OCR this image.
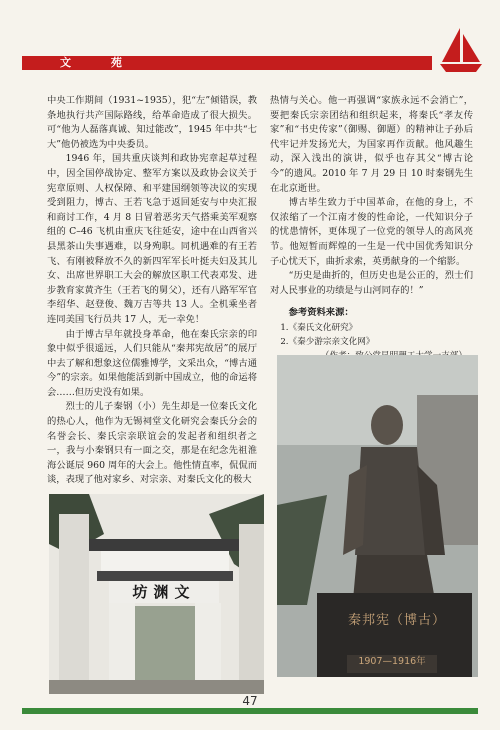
文 苑

中央工作期间（1931~1935），犯“左”倾错误，教条地执行共产国际路线，给革命造成了很大损失。可“他为人磊落真诚、知过能改”，1945 年中共“七大”他仍被选为中央委员。

1946 年，国共重庆谈判和政协宪章起草过程中，因全国停战协定、整军方案以及政协会议关于宪章原则、人权保障、和平建国纲领等决议的实现受到阻力，博古、王若飞急于返回延安与中央汇报和商讨工作，4 月 8 日冒着恶劣天气搭乘美军观察组的 C–46 飞机由重庆飞往延安，途中在山西省兴县黑茶山失事遇难，以身殉职。同机遇难的有王若飞、有刚被释放不久的新四军军长叶挺夫妇及其儿女、出席世界职工大会的解放区职工代表邓发、进步教育家黄齐生（王若飞的舅父），还有八路军军官李绍华、赵登俊、魏万吉等共 13 人。全机乘坐者连同美国飞行员共 17 人，无一幸免！

由于博古早年就投身革命，他在秦氏宗亲的印象中似乎很遥远，人们只能从“秦邦宪故居”的展厅中去了解和想象这位儒雅博学，文采出众，“博古通今”的宗亲。如果他能活到新中国成立，他的命运将会……但历史没有如果。

烈士的儿子秦钢（小）先生却是一位秦氏文化的热心人，他作为无锡祠堂文化研究会秦氏分会的名誉会长、秦氏宗亲联谊会的发起者和组织者之一，我与小秦钢只有一面之交，那是在纪念先祖淮海公诞辰 960 周年的大会上。他性情直率，侃侃而谈，表现了他对家乡、对宗亲、对秦氏文化的极大

热情与关心。他一再强调“家族永远不会消亡”，要把秦氏宗亲团结和组织起来，将秦氏“孝友传家”和“书史传家”（御赐、御题）的精神让子孙后代牢记并发扬光大，为国家再作贡献。他风趣生动，深入浅出的演讲，似乎也存其父“博古论今”的遗风。2010 年 7 月 29 日 10 时秦钢先生在北京逝世。

博古毕生致力于中国革命，在他的身上，不仅浓缩了一个江南才俊的性命论，一代知识分子的忧患情怀，更体现了一位党的领导人的高风亮节。他短暂而辉煌的一生是一代中国优秀知识分子心忧天下，曲折求索，英勇献身的一个缩影。

“历史是曲折的，但历史也是公正的，烈士们对人民事业的功绩是与山河同存的！”

参考资料来源：

1.《秦氏文化研究》

2.《秦少游宗亲文化网》

坊渊文
秦邦宪（博古）
1907—1916年
47
